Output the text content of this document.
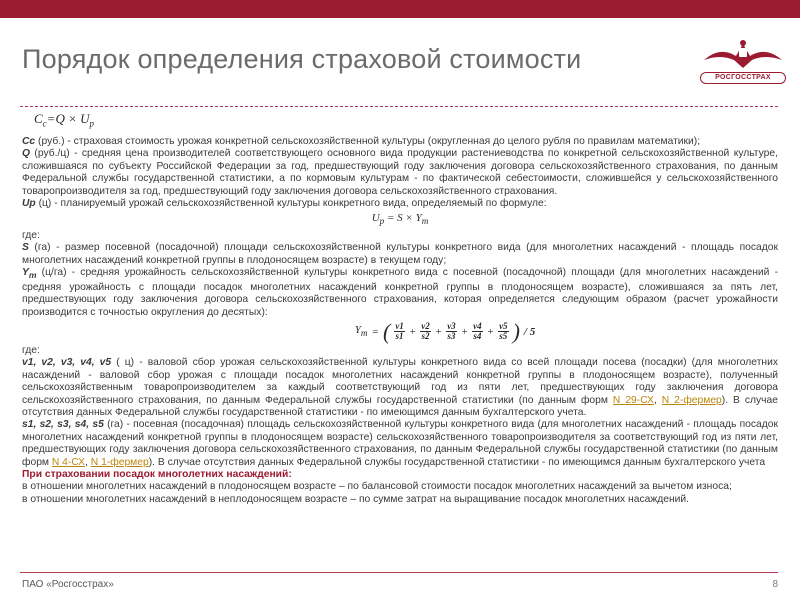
Порядок определения страховой стоимости
РОСГОССТРАХ
$C_c=Q \times U_p$

Cc (руб.) - страховая стоимость урожая конкретной сельскохозяйственной культуры (округленная до целого рубля по правилам математики);

Q (руб./ц) - средняя цена производителей соответствующего основного вида продукции растениеводства по конкретной сельскохозяйственной культуре, сложившаяся по субъекту Российской Федерации за год, предшествующий году заключения договора сельскохозяйственного страхования, по данным Федеральной службы государственной статистики, а по кормовым культурам - по фактической себестоимости, сложившейся у сельскохозяйственного товаропроизводителя за год, предшествующий году заключения договора сельскохозяйственного страхования.

Up (ц) - планируемый урожай сельскохозяйственной культуры конкретного вида, определяемый по формуле:

$U_p = S \times Y_m$

где:

S (га) - размер посевной (посадочной) площади сельскохозяйственной культуры конкретного вида (для многолетних насаждений - площадь посадок многолетних насаждений конкретной группы в плодоносящем возрасте) в текущем году;

$Y_m$ (ц/га) - средняя урожайность сельскохозяйственной культуры конкретного вида с посевной (посадочной) площади (для многолетних насаждений - средняя урожайность с площади посадок многолетних насаждений конкретной группы в плодоносящем возрасте), сложившаяся за пять лет, предшествующих году заключения договора сельскохозяйственного страхования, которая определяется следующим образом (расчет урожайности производится с точностью округления до десятых):

$Y_m$ = ( $\frac{v1}{s1} + \frac{v2}{s2} + \frac{v3}{s3} + \frac{v4}{s4} + \frac{v5}{s5}$ ) / 5

где:

v1, v2, v3, v4, v5 ( ц) - валовой сбор урожая сельскохозяйственной культуры конкретного вида со всей площади посева (посадки) (для многолетних насаждений - валовой сбор урожая с площади посадок многолетних насаждений конкретной группы в плодоносящем возрасте), полученный сельскохозяйственным товаропроизводителем за каждый соответствующий год из пяти лет, предшествующих году заключения договора сельскохозяйственного страхования, по данным Федеральной службы государственной статистики (по данным форм N 29-СХ, N 2-фермер). В случае отсутствия данных Федеральной службы государственной статистики - по имеющимся данным бухгалтерского учета.

s1, s2, s3, s4, s5 (га) - посевная (посадочная) площадь сельскохозяйственной культуры конкретного вида (для многолетних насаждений - площадь посадок многолетних насаждений конкретной группы в плодоносящем возрасте) сельскохозяйственного товаропроизводителя за соответствующий год из пяти лет, предшествующих году заключения договора сельскохозяйственного страхования, по данным Федеральной службы государственной статистики (по данным форм N 4-СХ, N 1-фермер). В случае отсутствия данных Федеральной службы государственной статистики - по имеющимся данным бухгалтерского учета

При страховании посадок многолетних насаждений:

в отношении многолетних насаждений в плодоносящем возрасте – по балансовой стоимости посадок многолетних насаждений за вычетом износа;

в отношении многолетних насаждений в неплодоносящем возрасте – по сумме затрат на выращивание посадок многолетних насаждений.

ПАО «Росгосстрах»	8
